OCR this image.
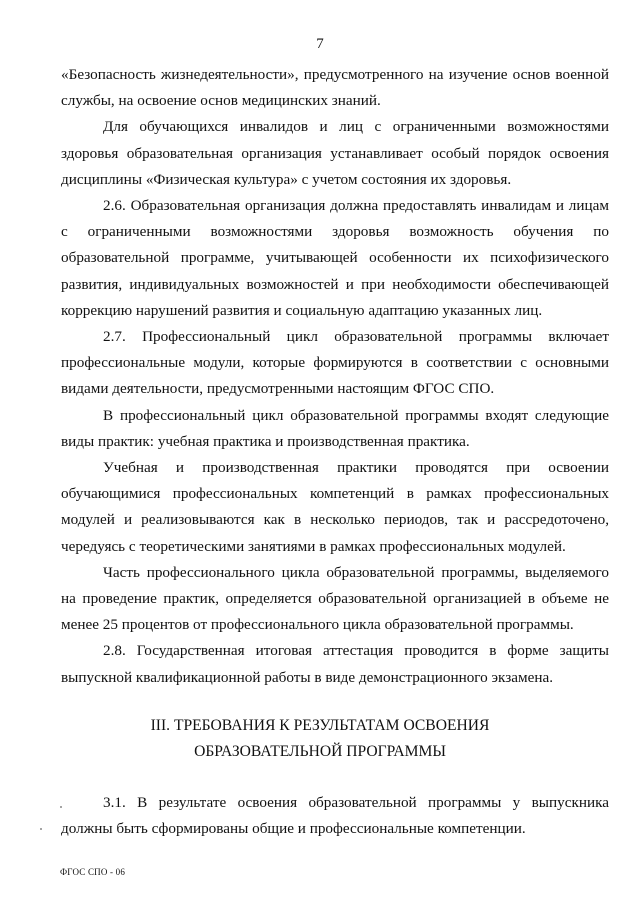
7

«Безопасность жизнедеятельности», предусмотренного на изучение основ военной службы, на освоение основ медицинских знаний.

Для обучающихся инвалидов и лиц с ограниченными возможностями здоровья образовательная организация устанавливает особый порядок освоения дисциплины «Физическая культура» с учетом состояния их здоровья.

2.6. Образовательная организация должна предоставлять инвалидам и лицам с ограниченными возможностями здоровья возможность обучения по образовательной программе, учитывающей особенности их психофизического развития, индивидуальных возможностей и при необходимости обеспечивающей коррекцию нарушений развития и социальную адаптацию указанных лиц.

2.7. Профессиональный цикл образовательной программы включает профессиональные модули, которые формируются в соответствии с основными видами деятельности, предусмотренными настоящим ФГОС СПО.

В профессиональный цикл образовательной программы входят следующие виды практик: учебная практика и производственная практика.

Учебная и производственная практики проводятся при освоении обучающимися профессиональных компетенций в рамках профессиональных модулей и реализовываются как в несколько периодов, так и рассредоточено, чередуясь с теоретическими занятиями в рамках профессиональных модулей.

Часть профессионального цикла образовательной программы, выделяемого на проведение практик, определяется образовательной организацией в объеме не менее 25 процентов от профессионального цикла образовательной программы.

2.8. Государственная итоговая аттестация проводится в форме защиты выпускной квалификационной работы в виде демонстрационного экзамена.

III. ТРЕБОВАНИЯ К РЕЗУЛЬТАТАМ ОСВОЕНИЯ
ОБРАЗОВАТЕЛЬНОЙ ПРОГРАММЫ

3.1. В результате освоения образовательной программы у выпускника должны быть сформированы общие и профессиональные компетенции.

ФГОС СПО - 06
